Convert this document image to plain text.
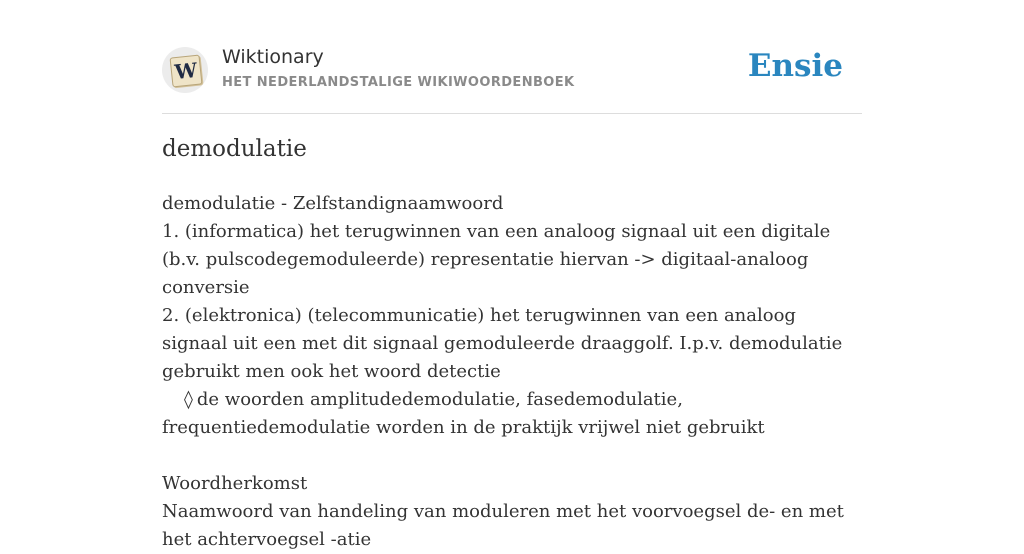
W
Wiktionary
HET NEDERLANDSTALIGE WIKIWOORDENBOEK	Ensie
demodulatie
demodulatie - Zelfstandignaamwoord
1. (informatica) het terugwinnen van een analoog signaal uit een digitale (b.v. pulscodegemoduleerde) representatie hiervan -> digitaal-analoog conversie
2. (elektronica) (telecommunicatie) het terugwinnen van een analoog signaal uit een met dit signaal gemoduleerde draaggolf. I.p.v. demodulatie gebruikt men ook het woord detectie
◊ de woorden amplitudedemodulatie, fasedemodulatie, frequentiedemodulatie worden in de praktijk vrijwel niet gebruikt
Woordherkomst
Naamwoord van handeling van moduleren met het voorvoegsel de- en met het achtervoegsel -atie
